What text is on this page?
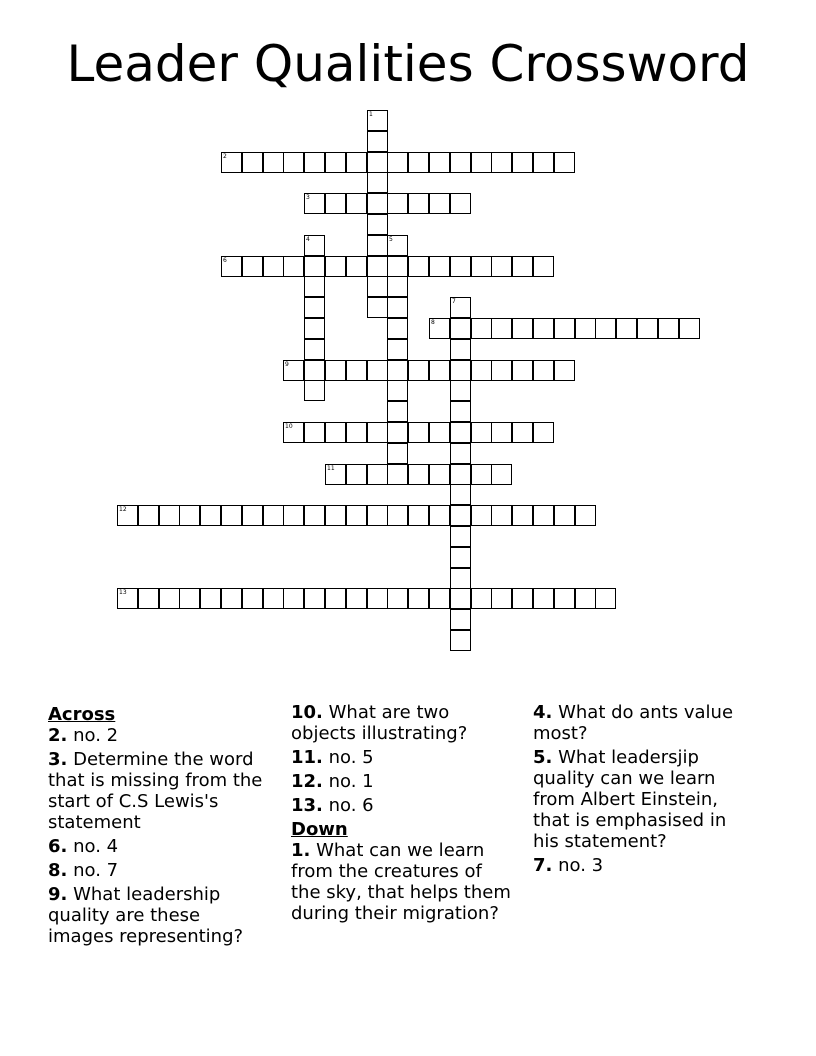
Leader Qualities Crossword
1
2
3
4	5
6
7
8
9
10
11
12
13
Across
2. no. 2
3. Determine the word that is missing from the start of C.S Lewis's statement
6. no. 4
8. no. 7
9. What leadership quality are these images representing?
10. What are two objects illustrating?
11. no. 5
12. no. 1
13. no. 6
Down
1. What can we learn from the creatures of the sky, that helps them during their migration?
4. What do ants value most?
5. What leadersjip quality can we learn from Albert Einstein, that is emphasised in his statement?
7. no. 3
